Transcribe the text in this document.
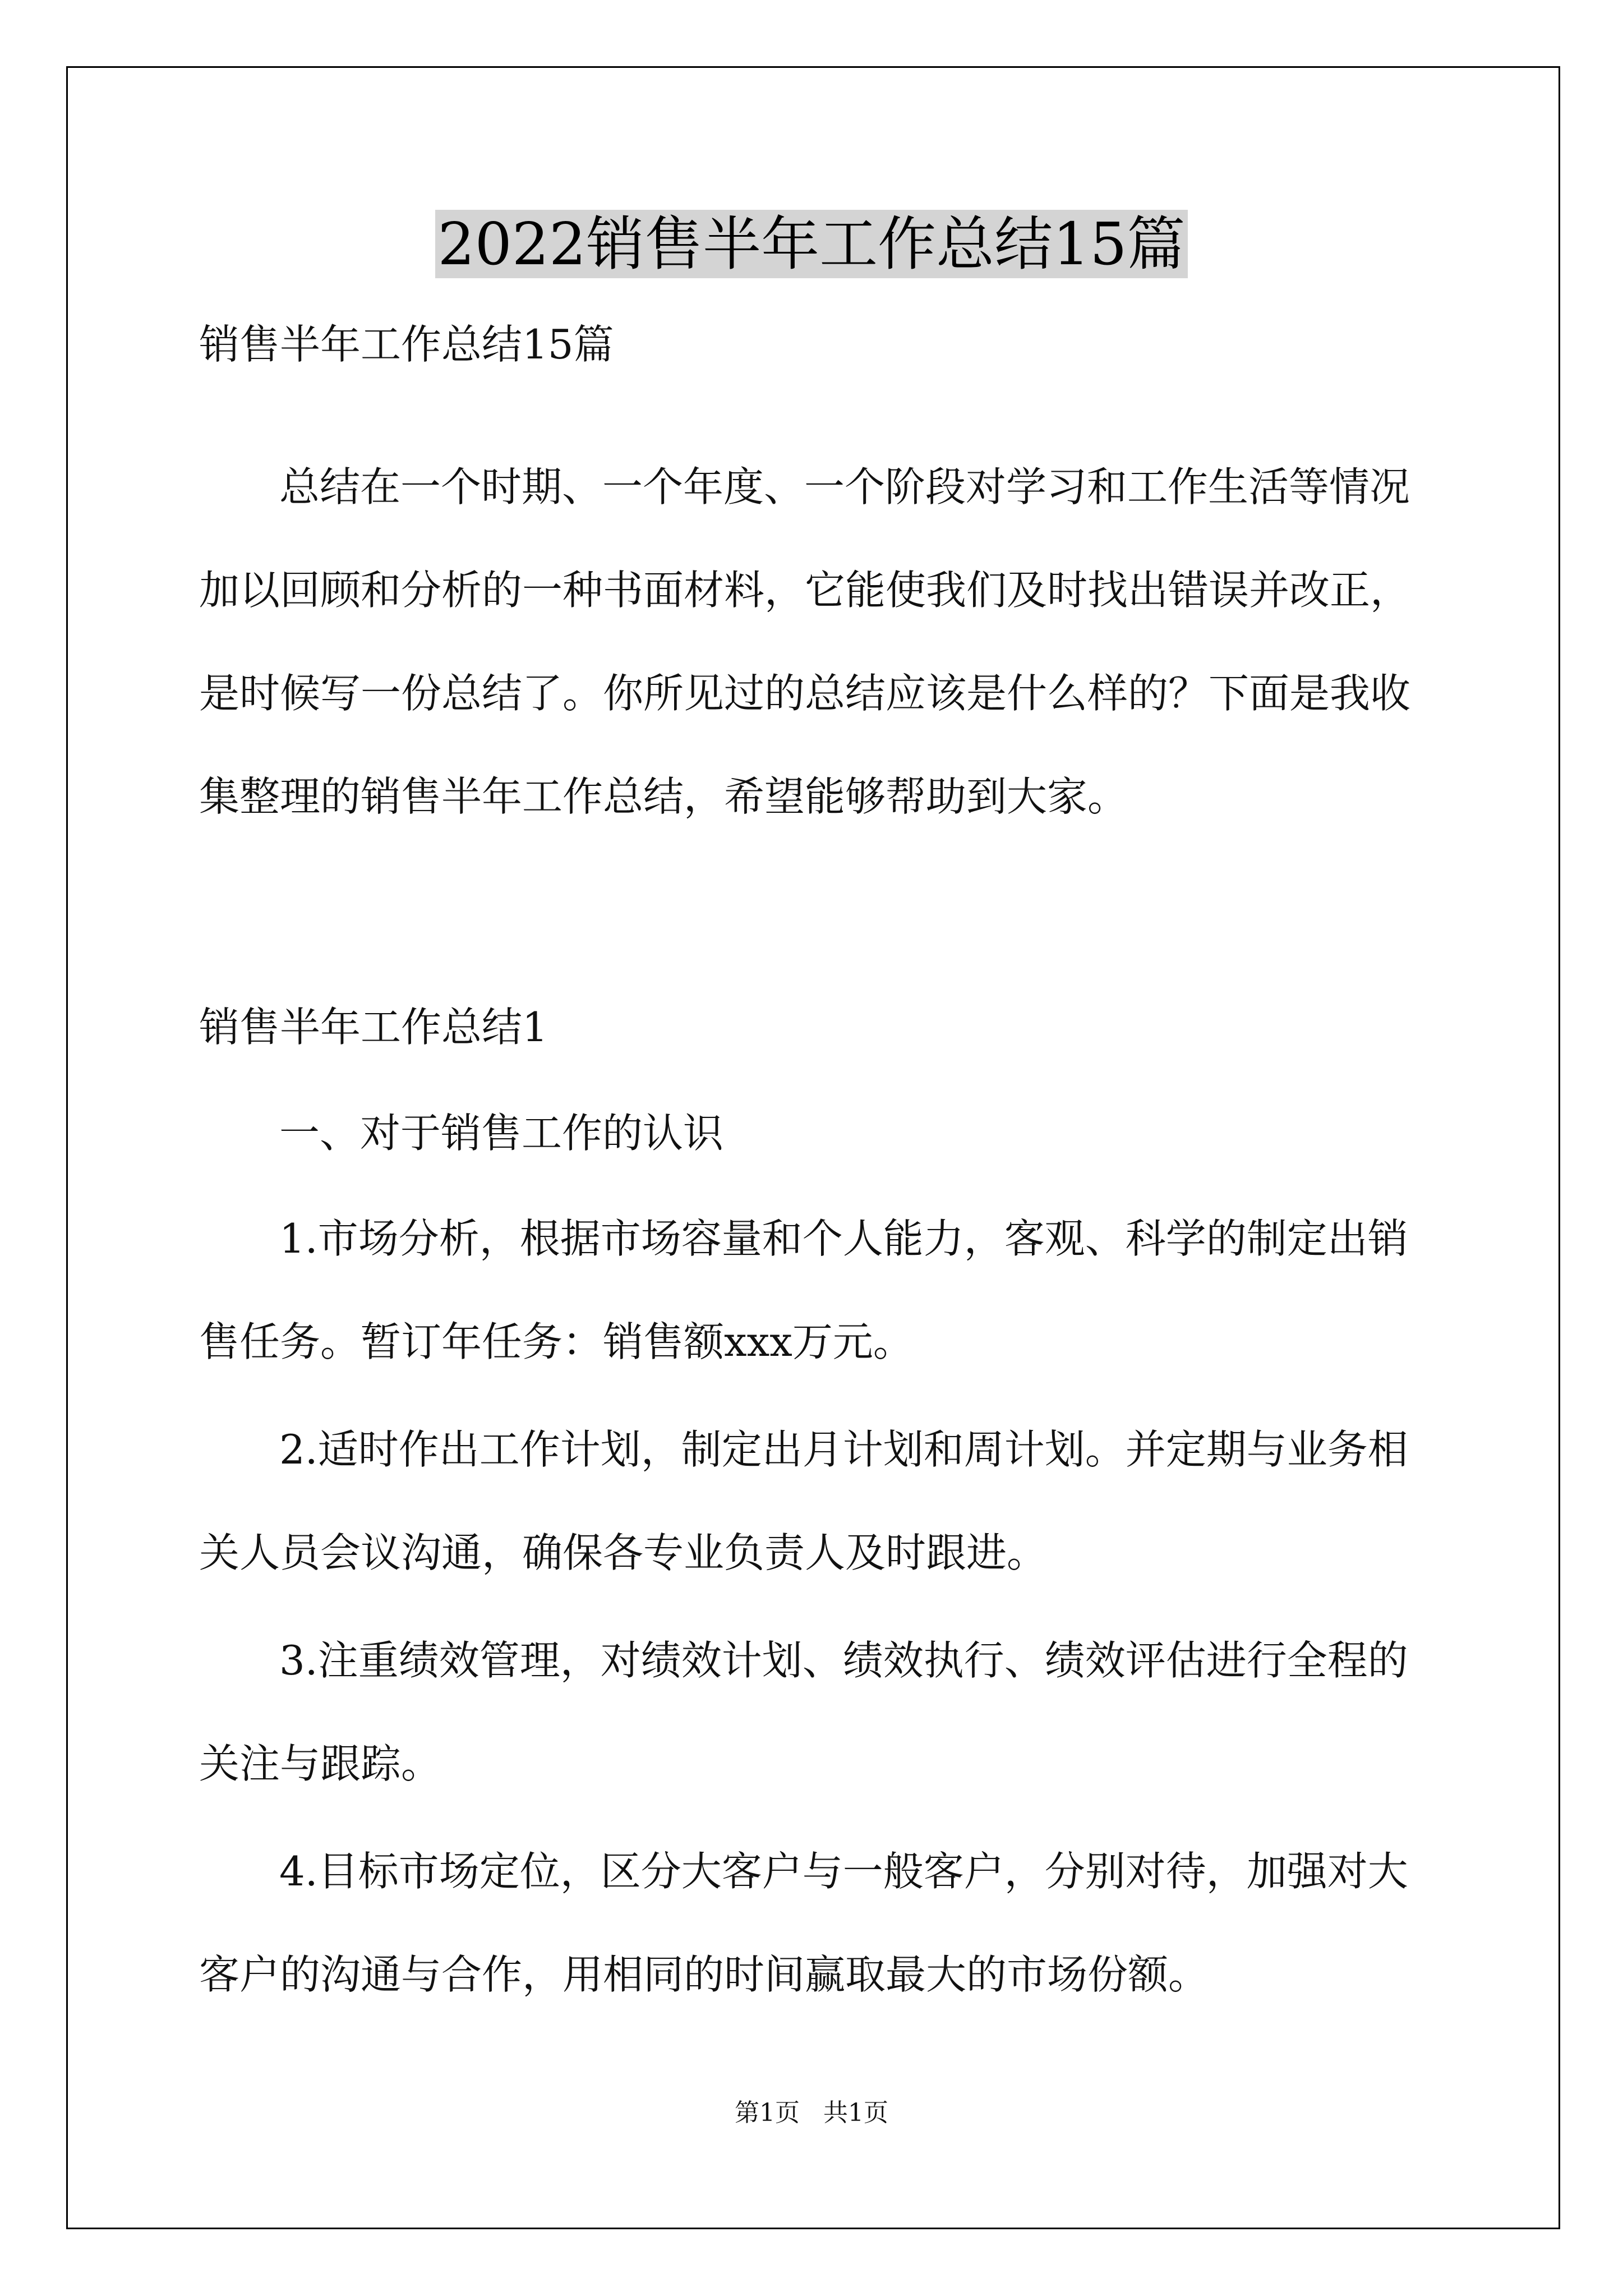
2022销售半年工作总结15篇

销售半年工作总结15篇

总结在一个时期、一个年度、一个阶段对学习和工作生活等情况

加以回顾和分析的一种书面材料，它能使我们及时找出错误并改正，

是时候写一份总结了。你所见过的总结应该是什么样的？下面是我收

集整理的销售半年工作总结，希望能够帮助到大家。

销售半年工作总结1

一、对于销售工作的认识

1.市场分析，根据市场容量和个人能力，客观、科学的制定出销

售任务。暂订年任务：销售额xxx万元。

2.适时作出工作计划，制定出月计划和周计划。并定期与业务相

关人员会议沟通，确保各专业负责人及时跟进。

3.注重绩效管理，对绩效计划、绩效执行、绩效评估进行全程的

关注与跟踪。

4.目标市场定位，区分大客户与一般客户，分别对待，加强对大

客户的沟通与合作，用相同的时间赢取最大的市场份额。

第1页   共1页
